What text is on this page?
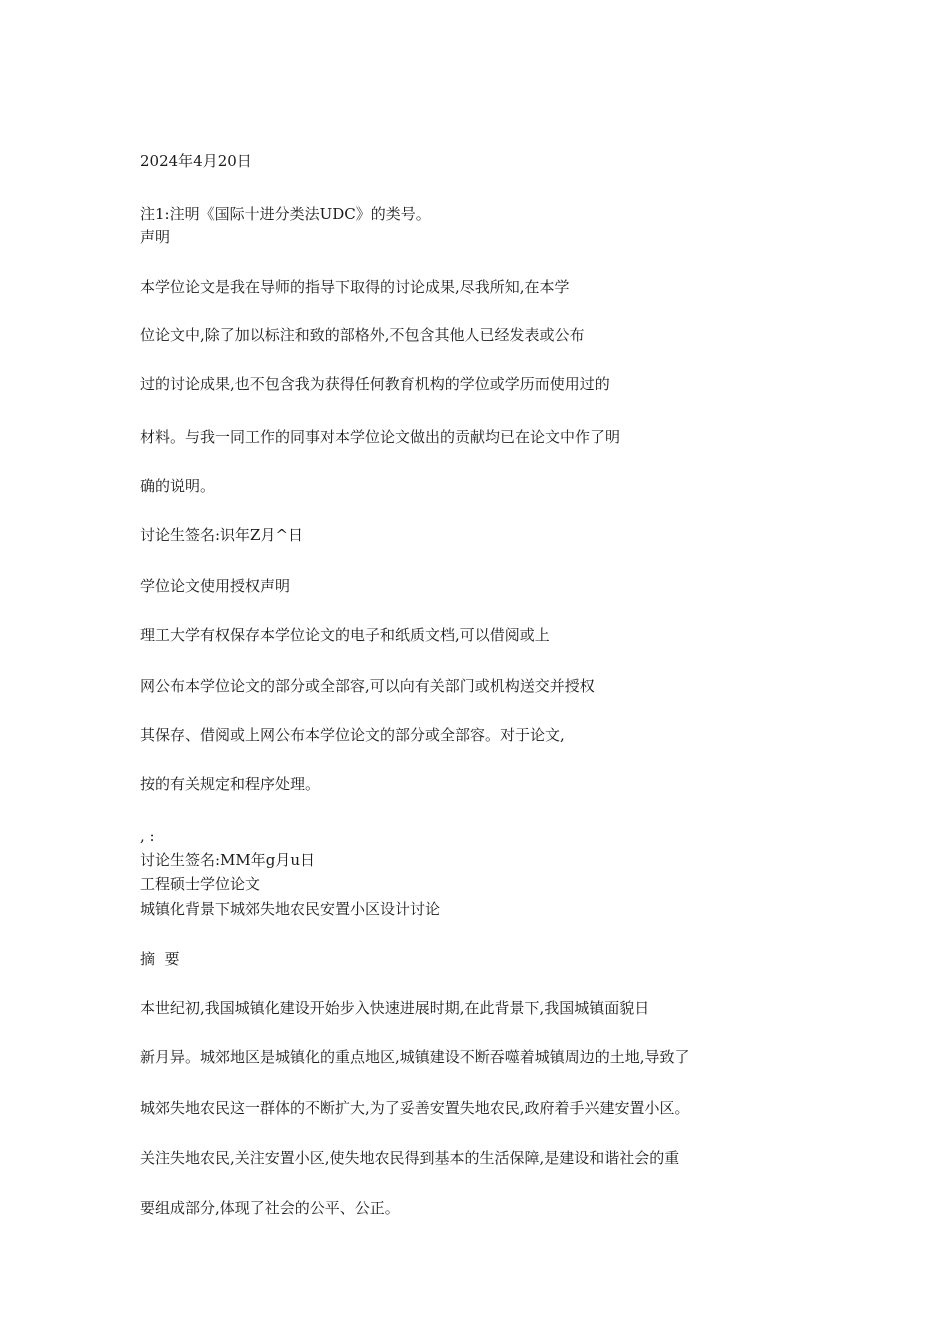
2024年4月20日

注1:注明《国际十进分类法UDC》的类号。

声明

本学位论文是我在导师的指导下取得的讨论成果,尽我所知,在本学

位论文中,除了加以标注和致的部格外,不包含其他人已经发表或公布

过的讨论成果,也不包含我为获得任何教育机构的学位或学历而使用过的

材料。与我一同工作的同事对本学位论文做出的贡献均已在论文中作了明

确的说明。

讨论生签名:识年Z月^日

学位论文使用授权声明

理工大学有权保存本学位论文的电子和纸质文档,可以借阅或上

网公布本学位论文的部分或全部容,可以向有关部门或机构送交并授权

其保存、借阅或上网公布本学位论文的部分或全部容。对于论文,

按的有关规定和程序处理。

, :

讨论生签名:MM年g月u日

工程硕士学位论文

城镇化背景下城郊失地农民安置小区设计讨论

摘  要

本世纪初,我国城镇化建设开始步入快速进展时期,在此背景下,我国城镇面貌日

新月异。城郊地区是城镇化的重点地区,城镇建设不断吞噬着城镇周边的土地,导致了

城郊失地农民这一群体的不断扩大,为了妥善安置失地农民,政府着手兴建安置小区。

关注失地农民,关注安置小区,使失地农民得到基本的生活保障,是建设和谐社会的重

要组成部分,体现了社会的公平、公正。
